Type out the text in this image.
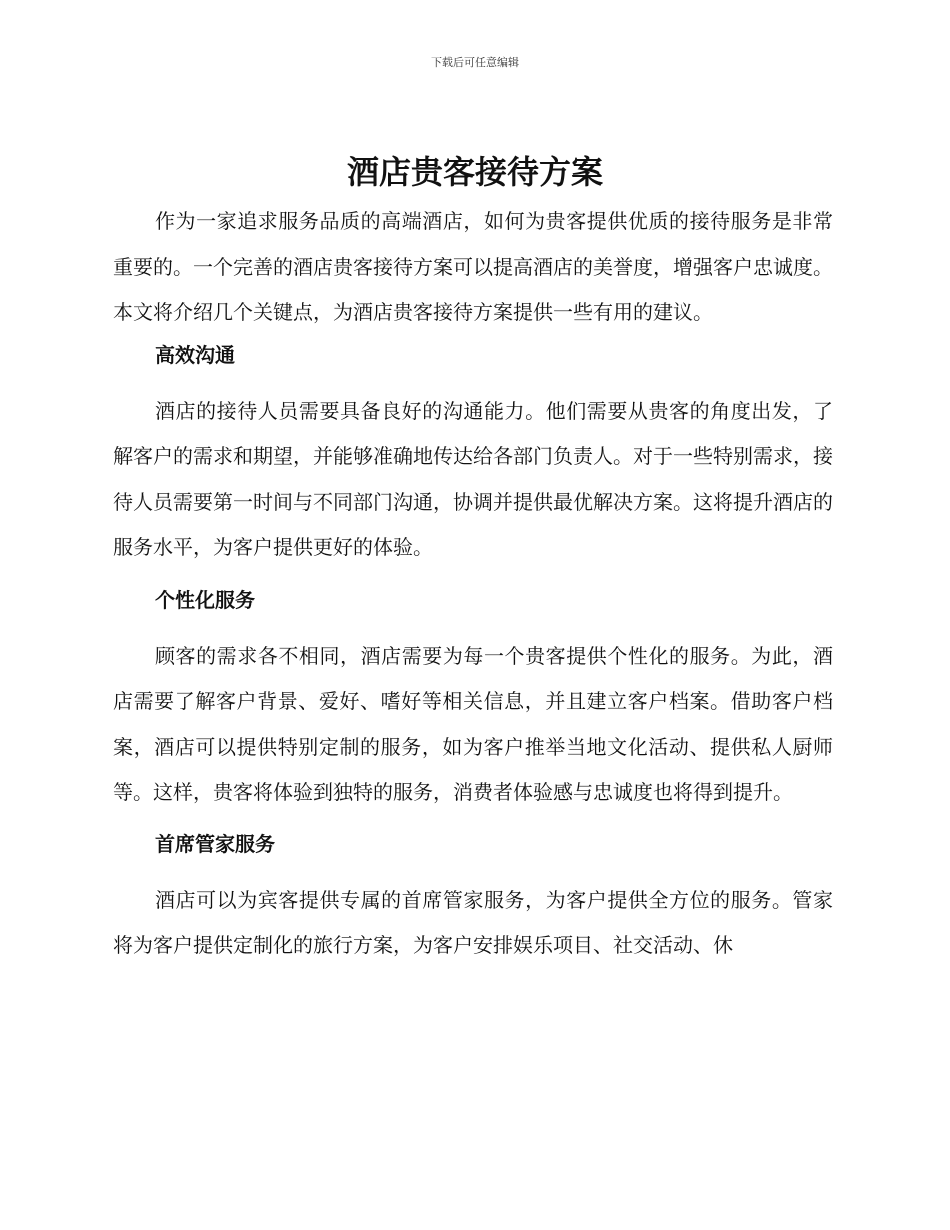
下载后可任意编辑
酒店贵客接待方案

作为一家追求服务品质的高端酒店，如何为贵客提供优质的接待服务是非常重要的。一个完善的酒店贵客接待方案可以提高酒店的美誉度，增强客户忠诚度。本文将介绍几个关键点，为酒店贵客接待方案提供一些有用的建议。

高效沟通

酒店的接待人员需要具备良好的沟通能力。他们需要从贵客的角度出发，了解客户的需求和期望，并能够准确地传达给各部门负责人。对于一些特别需求，接待人员需要第一时间与不同部门沟通，协调并提供最优解决方案。这将提升酒店的服务水平，为客户提供更好的体验。

个性化服务

顾客的需求各不相同，酒店需要为每一个贵客提供个性化的服务。为此，酒店需要了解客户背景、爱好、嗜好等相关信息，并且建立客户档案。借助客户档案，酒店可以提供特别定制的服务，如为客户推举当地文化活动、提供私人厨师等。这样，贵客将体验到独特的服务，消费者体验感与忠诚度也将得到提升。

首席管家服务

酒店可以为宾客提供专属的首席管家服务，为客户提供全方位的服务。管家将为客户提供定制化的旅行方案，为客户安排娱乐项目、社交活动、休
